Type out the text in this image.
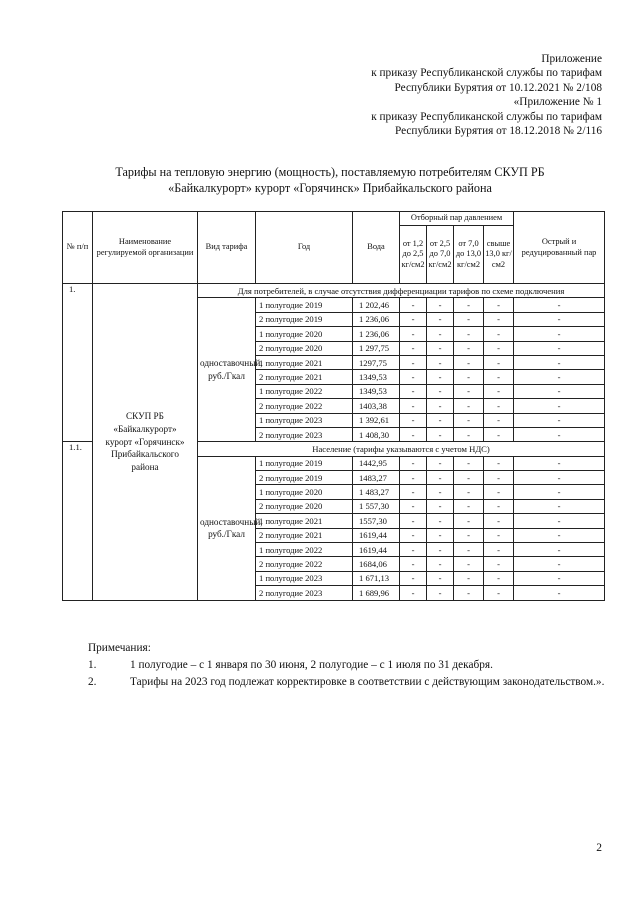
Приложение
к приказу Республиканской службы по тарифам
Республики Бурятия от 10.12.2021 № 2/108
«Приложение № 1
к приказу Республиканской службы по тарифам
Республики Бурятия от 18.12.2018 № 2/116
Тарифы на тепловую энергию (мощность), поставляемую потребителям СКУП РБ
«Байкалкурорт» курорт «Горячинск» Прибайкальского района
№ п/п	Наименование регулируемой организации	Вид тарифа	Год	Вода	Отборный пар давлением				Острый и редуцированный пар
					от 1,2 до 2,5 кг/см2	от 2,5 до 7,0 кг/см2	от 7,0 до 13,0 кг/см2	свыше 13,0 кг/см2	
1.	СКУП РБ «Байкалкурорт» курорт «Горячинск» Прибайкальского района	Для потребителей, в случае отсутствия дифференциации тарифов по схеме подключения							
		одноставочный, руб./Гкал	1 полугодие 2019	1 202,46	-	-	-	-	-
			2 полугодие 2019	1 236,06	-	-	-	-	-
			1 полугодие 2020	1 236,06	-	-	-	-	-
			2 полугодие 2020	1 297,75	-	-	-	-	-
			1 полугодие 2021	1297,75	-	-	-	-	-
			2 полугодие 2021	1349,53	-	-	-	-	-
			1 полугодие 2022	1349,53	-	-	-	-	-
			2 полугодие 2022	1403,38	-	-	-	-	-
			1 полугодие 2023	1 392,61	-	-	-	-	-
			2 полугодие 2023	1 408,30	-	-	-	-	-
1.1.		Население (тарифы указываются с учетом НДС)							
		одноставочный, руб./Гкал	1 полугодие 2019	1442,95	-	-	-	-	-
			2 полугодие 2019	1483,27	-	-	-	-	-
			1 полугодие 2020	1 483,27	-	-	-	-	-
			2 полугодие 2020	1 557,30	-	-	-	-	-
			1 полугодие 2021	1557,30	-	-	-	-	-
			2 полугодие 2021	1619,44	-	-	-	-	-
			1 полугодие 2022	1619,44	-	-	-	-	-
			2 полугодие 2022	1684,06	-	-	-	-	-
			1 полугодие 2023	1 671,13	-	-	-	-	-
			2 полугодие 2023	1 689,96	-	-	-	-	-
Примечания:
1.	1 полугодие – с 1 января по 30 июня, 2 полугодие – с 1 июля по 31 декабря.
2.	Тарифы на 2023 год подлежат корректировке в соответствии с действующим законодательством.».
2
